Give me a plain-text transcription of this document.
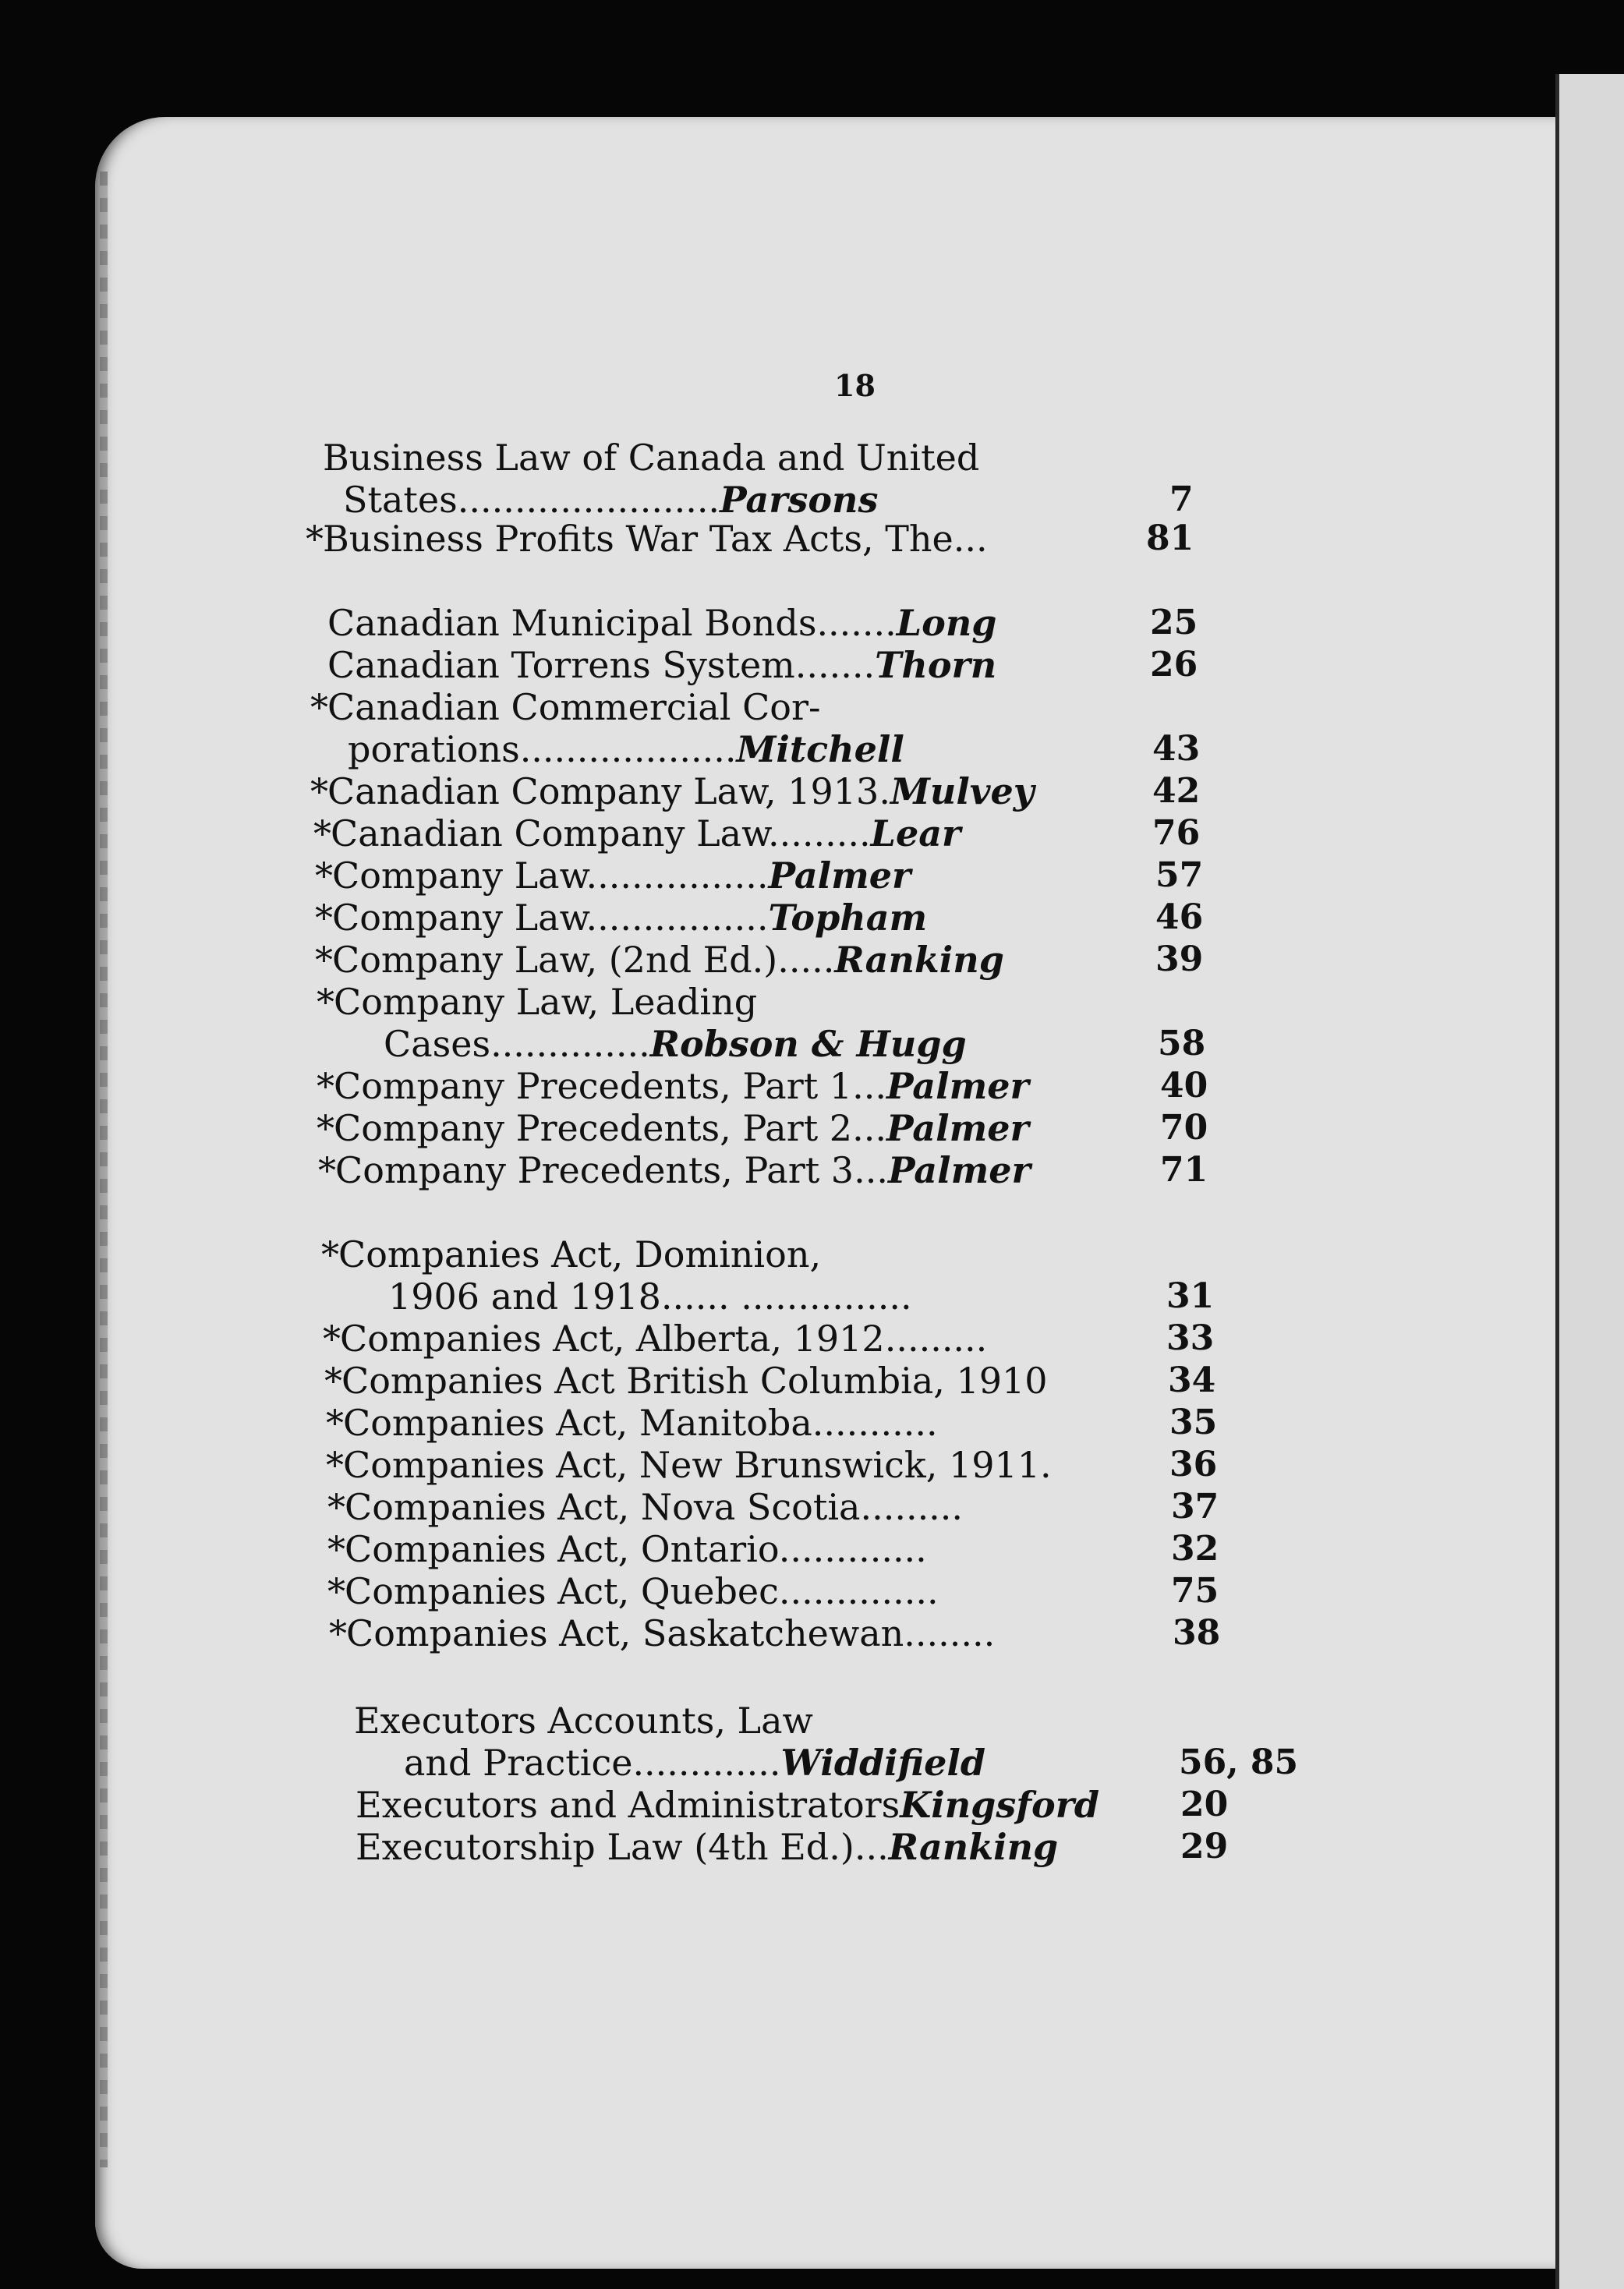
18
Business Law of Canada and United
States.......................Parsons	7
*Business Profits War Tax Acts, The...	81
Canadian Municipal Bonds.......Long	25
Canadian Torrens System.......Thorn	26
*Canadian Commercial Cor-
porations...................Mitchell	43
*Canadian Company Law, 1913.Mulvey	42
*Canadian Company Law.........Lear	76
*Company Law................Palmer	57
*Company Law................Topham	46
*Company Law, (2nd Ed.).....Ranking	39
*Company Law, Leading
Cases..............Robson & Hugg	58
*Company Precedents, Part 1...Palmer	40
*Company Precedents, Part 2...Palmer	70
*Company Precedents, Part 3...Palmer	71
*Companies Act, Dominion,
1906 and 1918...... ...............	31
*Companies Act, Alberta, 1912.........	33
*Companies Act British Columbia, 1910	34
*Companies Act, Manitoba...........	35
*Companies Act, New Brunswick, 1911.	36
*Companies Act, Nova Scotia.........	37
*Companies Act, Ontario.............	32
*Companies Act, Quebec..............	75
*Companies Act, Saskatchewan........	38
Executors Accounts, Law
and Practice.............Widdifield	56, 85
Executors and AdministratorsKingsford 20
Executorship Law (4th Ed.)...Ranking	29
